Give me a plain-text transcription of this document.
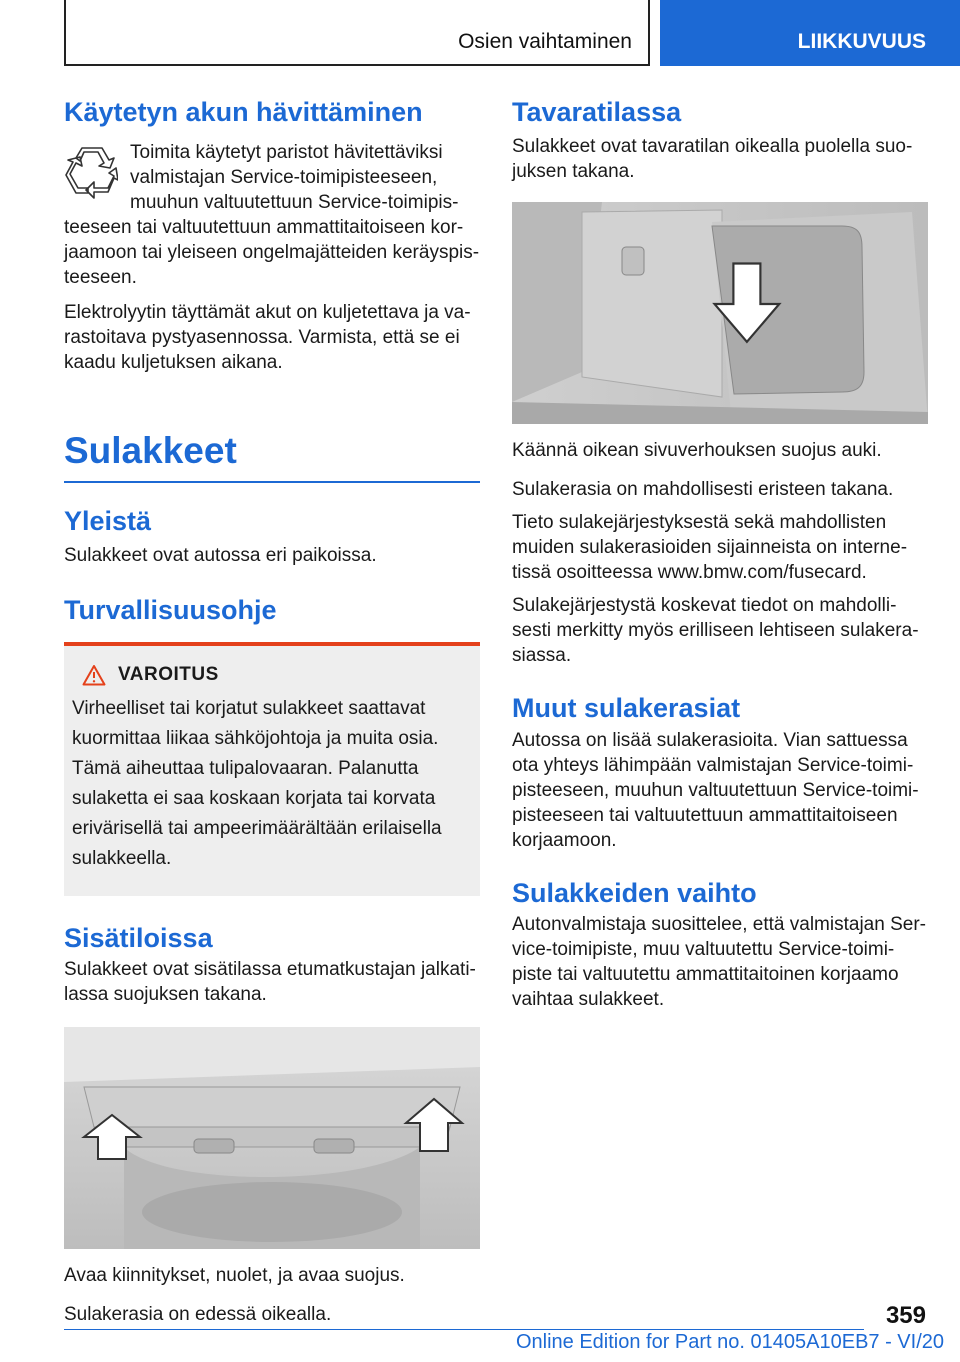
Osien vaihtaminen	LIIKKUVUUS
Käytetyn akun hävittäminen

Toimita käytetyt paristot hävitettäviksi valmistajan Service-toimipisteeseen, muuhun valtuutettuun Service-toimipisteeseen tai valtuutettuun ammattitaitoiseen korjaamoon tai yleiseen ongelmajätteiden keräyspisteeseen.

Elektrolyytin täyttämät akut on kuljetettava ja varastoitava pystyasennossa. Varmista, että se ei kaadu kuljetuksen aikana.

Sulakkeet
Yleistä

Sulakkeet ovat autossa eri paikoissa.

Turvallisuusohje
VAROITUS

Virheelliset tai korjatut sulakkeet saattavat kuormittaa liikaa sähköjohtoja ja muita osia. Tämä aiheuttaa tulipalovaaran. Palanutta sulaketta ei saa koskaan korjata tai korvata erivärisellä tai ampeerimäärältään erilaisella sulakkeella.

Sisätiloissa

Sulakkeet ovat sisätilassa etumatkustajan jalkatilassa suojuksen takana.

Avaa kiinnitykset, nuolet, ja avaa suojus.

Sulakerasia on edessä oikealla.

Tavaratilassa

Sulakkeet ovat tavaratilan oikealla puolella suojuksen takana.

Käännä oikean sivuverhouksen suojus auki.

Sulakerasia on mahdollisesti eristeen takana.

Tieto sulakejärjestyksestä sekä mahdollisten muiden sulakerasioiden sijainneista on internetissä osoitteessa www.bmw.com/fusecard.

Sulakejärjestystä koskevat tiedot on mahdollisesti merkitty myös erilliseen lehtiseen sulakerasiassa.

Muut sulakerasiat

Autossa on lisää sulakerasioita. Vian sattuessa ota yhteys lähimpään valmistajan Service-toimipisteeseen, muuhun valtuutettuun Service-toimipisteeseen tai valtuutettuun ammattitaitoiseen korjaamoon.

Sulakkeiden vaihto

Autonvalmistaja suosittelee, että valmistajan Service-toimipiste, muu valtuutettu Service-toimipiste tai valtuutettu ammattitaitoinen korjaamo vaihtaa sulakkeet.

359
Online Edition for Part no. 01405A10EB7 - VI/20
